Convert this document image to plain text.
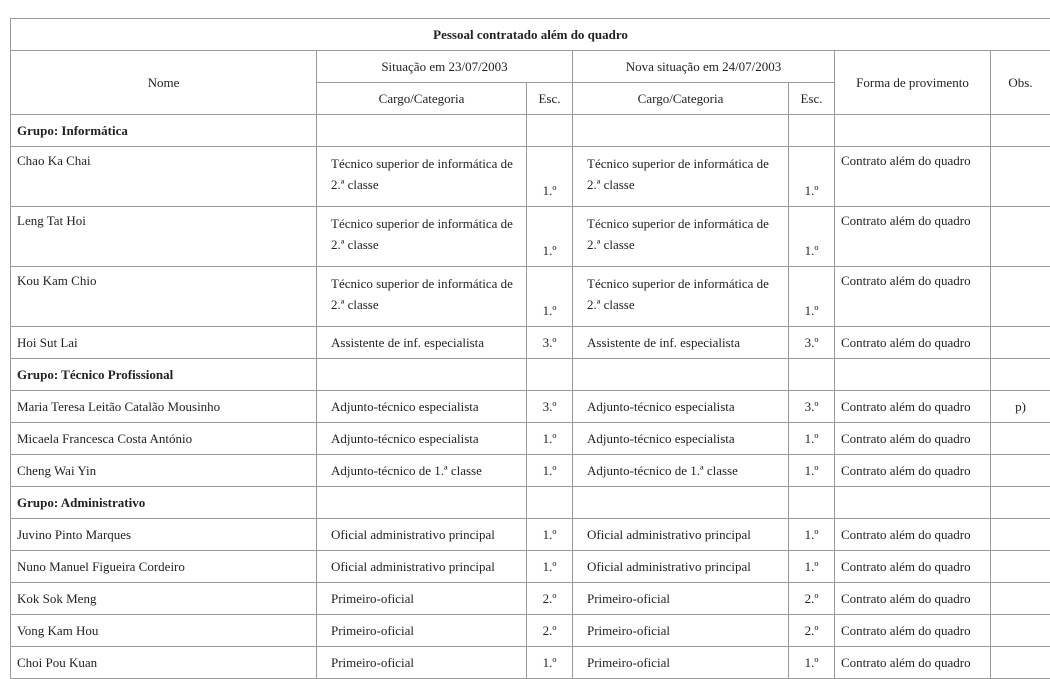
Pessoal contratado além do quadro						
Nome	Situação em 23/07/2003		Nova situação em 24/07/2003		Forma de provimento	Obs.
	Cargo/Categoria	Esc.	Cargo/Categoria	Esc.		
Grupo: Informática						
Chao Ka Chai	Técnico superior de informática de 2.ª classe	1.º	Técnico superior de informática de 2.ª classe	1.º	Contrato além do quadro	
Leng Tat Hoi	Técnico superior de informática de 2.ª classe	1.º	Técnico superior de informática de 2.ª classe	1.º	Contrato além do quadro	
Kou Kam Chio	Técnico superior de informática de 2.ª classe	1.º	Técnico superior de informática de 2.ª classe	1.º	Contrato além do quadro	
Hoi Sut Lai	Assistente de inf. especialista	3.º	Assistente de inf. especialista	3.º	Contrato além do quadro	
Grupo: Técnico Profissional						
Maria Teresa Leitão Catalão Mousinho	Adjunto-técnico especialista	3.º	Adjunto-técnico especialista	3.º	Contrato além do quadro	p)
Micaela Francesca Costa António	Adjunto-técnico especialista	1.º	Adjunto-técnico especialista	1.º	Contrato além do quadro	
Cheng Wai Yin	Adjunto-técnico de 1.ª classe	1.º	Adjunto-técnico de 1.ª classe	1.º	Contrato além do quadro	
Grupo: Administrativo						
Juvino Pinto Marques	Oficial administrativo principal	1.º	Oficial administrativo principal	1.º	Contrato além do quadro	
Nuno Manuel Figueira Cordeiro	Oficial administrativo principal	1.º	Oficial administrativo principal	1.º	Contrato além do quadro	
Kok Sok Meng	Primeiro-oficial	2.º	Primeiro-oficial	2.º	Contrato além do quadro	
Vong Kam Hou	Primeiro-oficial	2.º	Primeiro-oficial	2.º	Contrato além do quadro	
Choi Pou Kuan	Primeiro-oficial	1.º	Primeiro-oficial	1.º	Contrato além do quadro	
